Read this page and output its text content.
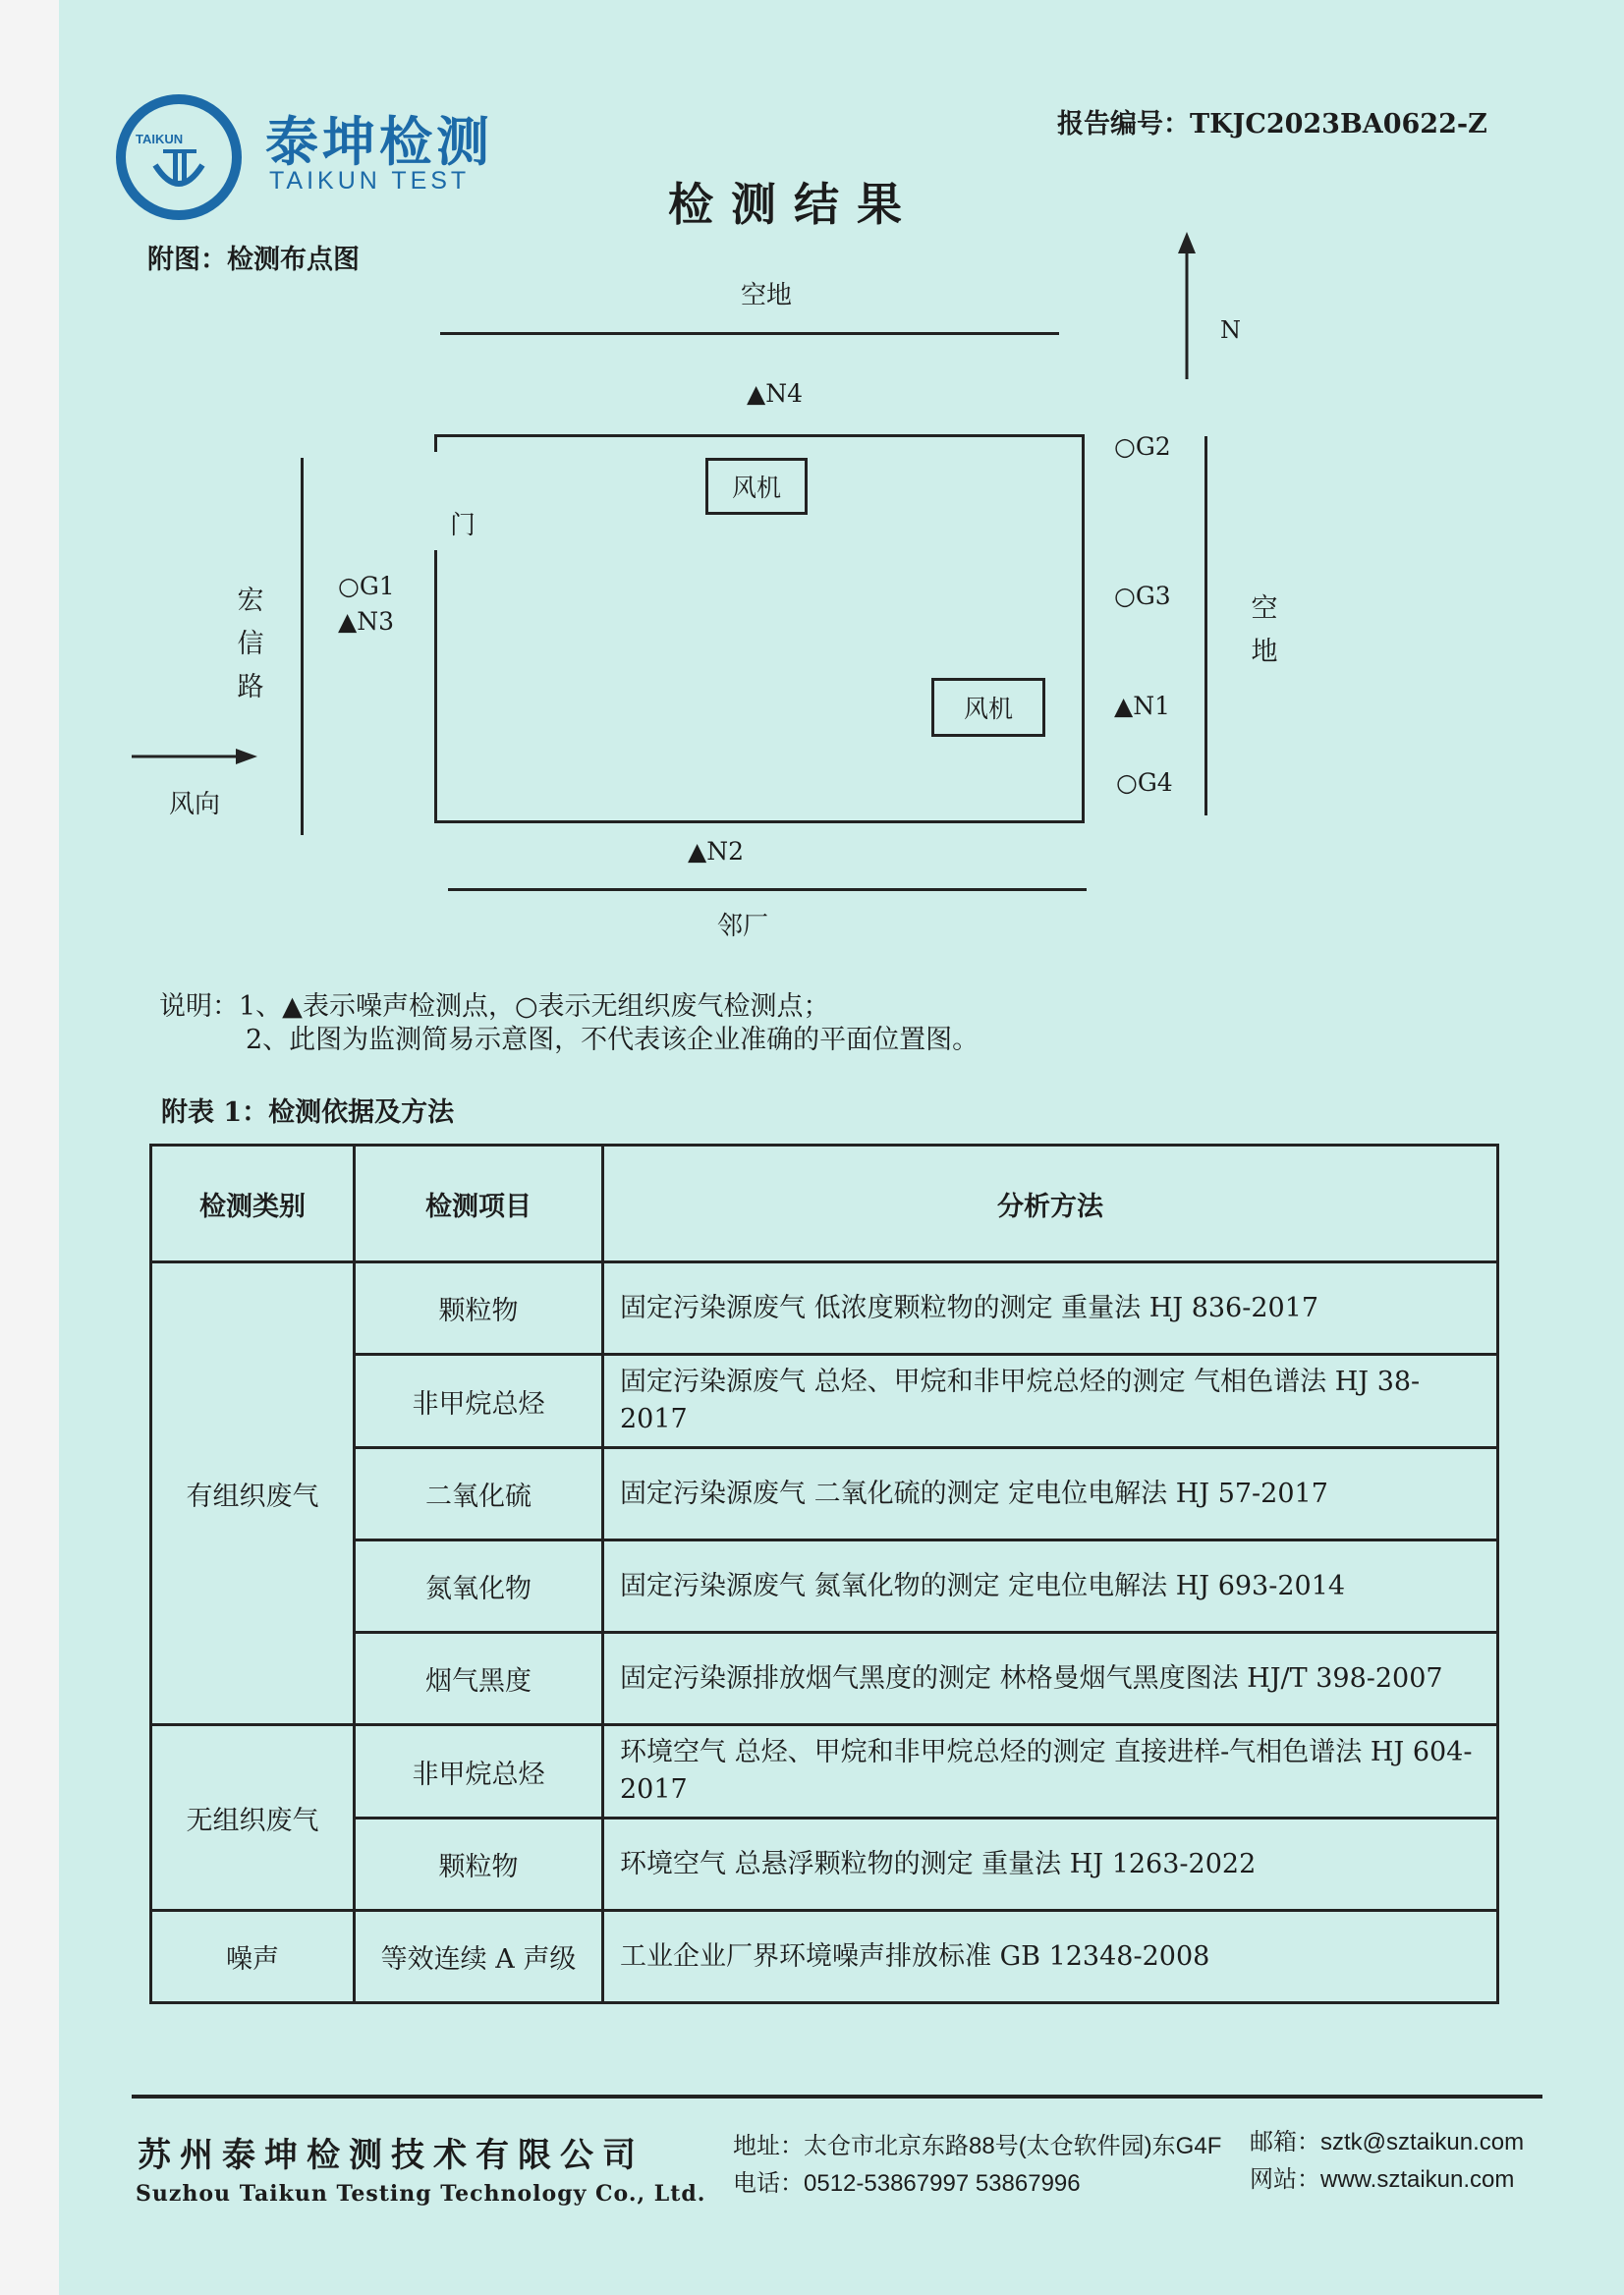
TAIKUN 泰坤检测
TAIKUN TEST
报告编号：TKJC2023BA0622-Z
检测结果
附图：检测布点图
空地
N
▲N4
门
风机
风机
宏信路
○G1
▲N3
风向
空地
○G2
○G3
▲N1
○G4
▲N2
邻厂
说明：1、▲表示噪声检测点，○表示无组织废气检测点；
2、此图为监测简易示意图，不代表该企业准确的平面位置图。
附表 1：检测依据及方法
检测类别	检测项目	分析方法
有组织废气	颗粒物	固定污染源废气 低浓度颗粒物的测定 重量法 HJ 836-2017
	非甲烷总烃	固定污染源废气 总烃、甲烷和非甲烷总烃的测定 气相色谱法 HJ 38-2017
	二氧化硫	固定污染源废气 二氧化硫的测定 定电位电解法 HJ 57-2017
	氮氧化物	固定污染源废气 氮氧化物的测定 定电位电解法 HJ 693-2014
	烟气黑度	固定污染源排放烟气黑度的测定 林格曼烟气黑度图法 HJ/T 398-2007
无组织废气	非甲烷总烃	环境空气 总烃、甲烷和非甲烷总烃的测定 直接进样-气相色谱法 HJ 604-2017
	颗粒物	环境空气 总悬浮颗粒物的测定 重量法 HJ 1263-2022
噪声	等效连续 A 声级	工业企业厂界环境噪声排放标准 GB 12348-2008
苏州泰坤检测技术有限公司
Suzhou Taikun Testing Technology Co., Ltd.
地址：太仓市北京东路88号(太仓软件园)东G4F
电话：0512-53867997 53867996
邮箱：sztk@sztaikun.com
网站：www.sztaikun.com
